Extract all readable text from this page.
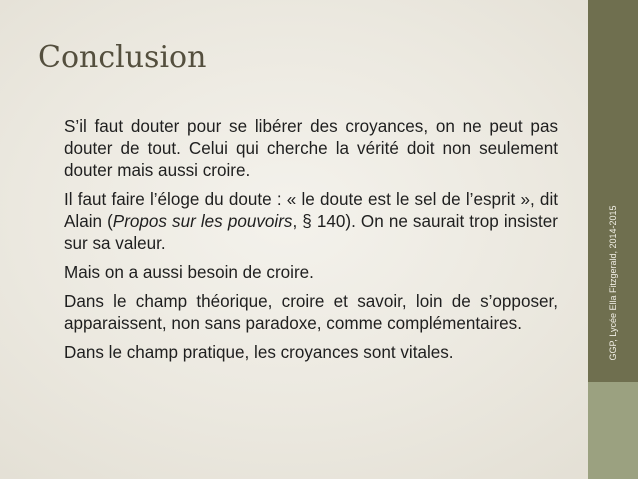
Conclusion

S’il faut douter pour se libérer des croyances, on ne peut pas douter de tout. Celui qui cherche la vérité doit non seulement douter mais aussi croire.

Il faut faire l’éloge du doute : « le doute est le sel de l’esprit », dit Alain (Propos sur les pouvoirs, § 140). On ne saurait trop insister sur sa valeur.

Mais on a aussi besoin de croire.

Dans le champ théorique, croire et savoir, loin de s’opposer, apparaissent, non sans paradoxe, comme complémentaires.

Dans le champ pratique, les croyances sont vitales.	GGP, Lycée Ella Fitzgerald, 2014-2015
